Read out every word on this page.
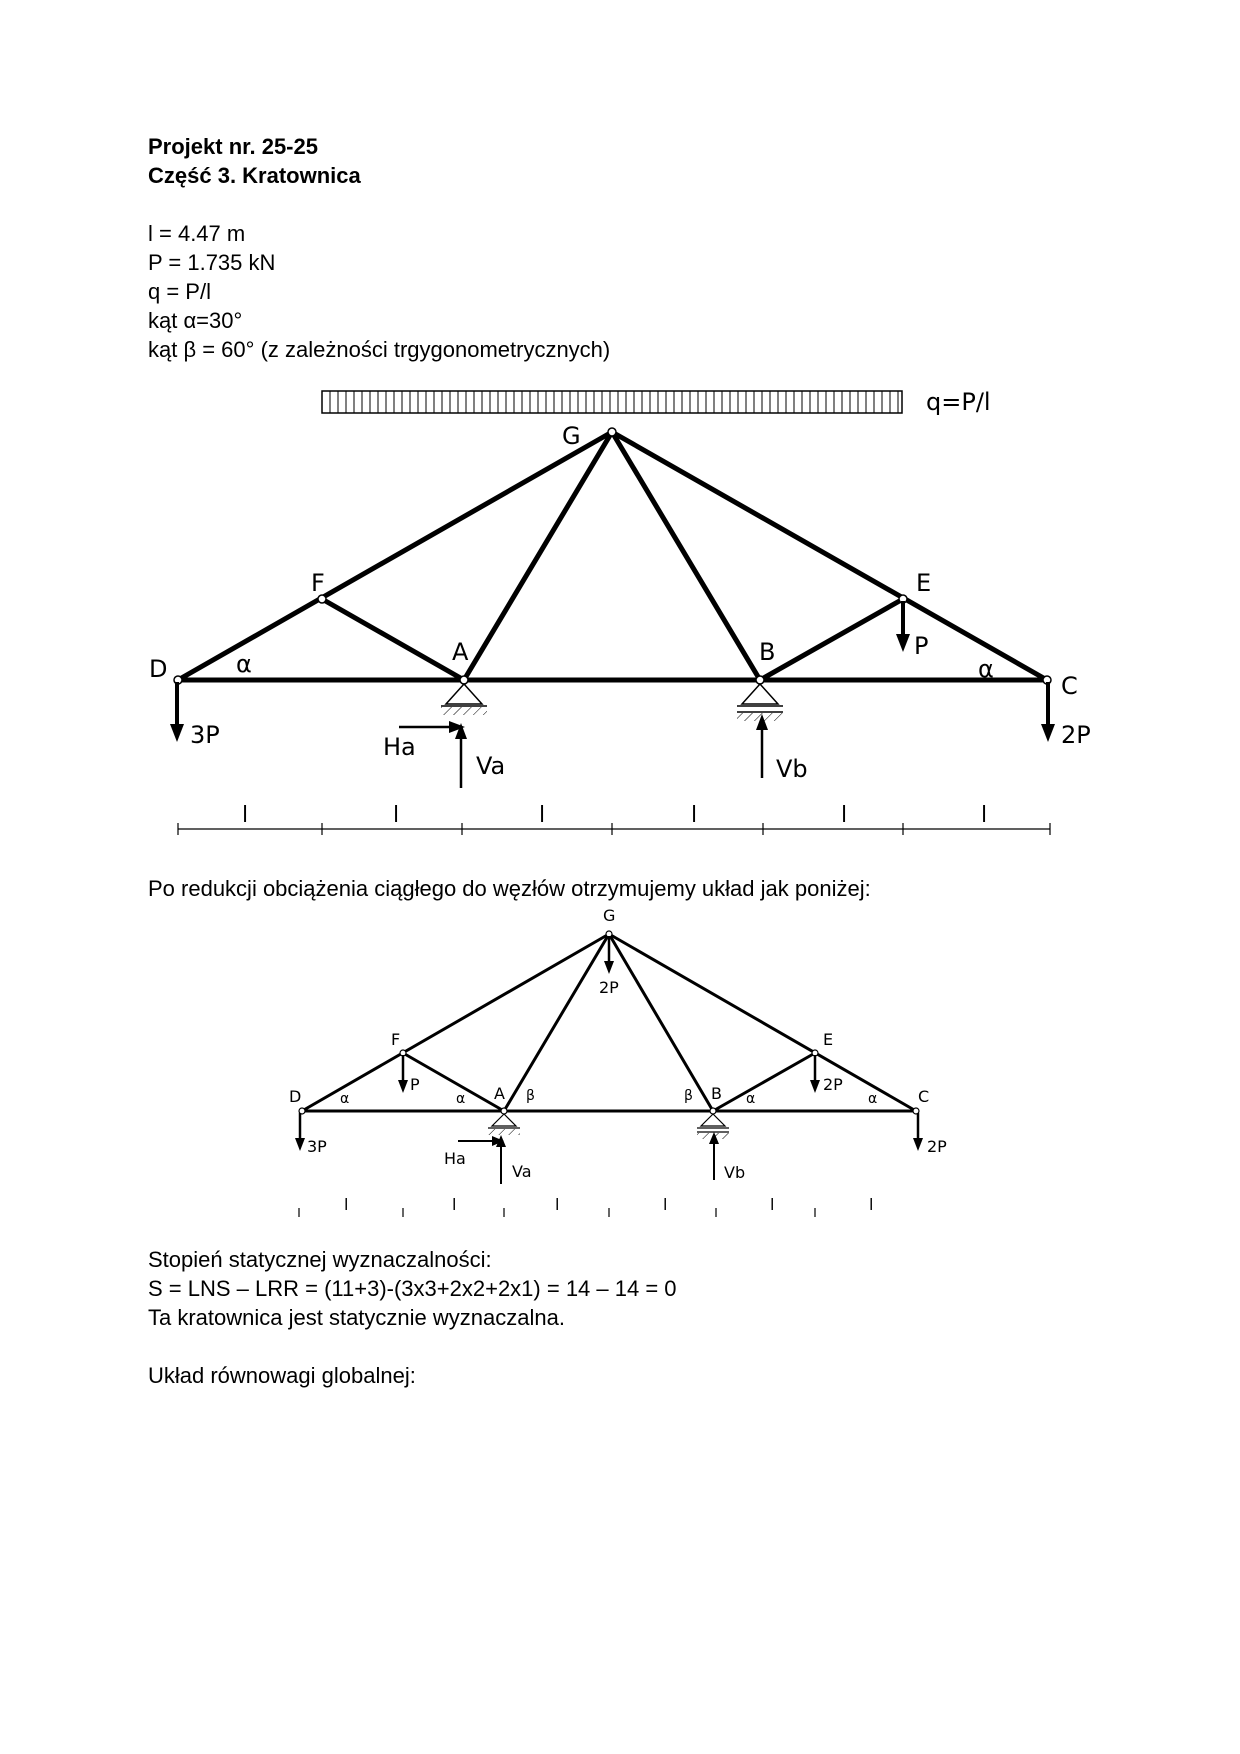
Projekt nr. 25-25
Część 3. Kratownica
l = 4.47 m
P = 1.735 kN
q = P/l
kąt α=30°
kąt β = 60° (z zależności trgygonometrycznych)
q=P/l
G
F	E
D
A	B
C
α	α
3P	2P
P
Ha
Va	Vb
l	l	l	l	l	l
Po redukcji obciążenia ciągłego do węzłów otrzymujemy układ jak poniżej:
G
F	E
D	A	B	C
α	α	β	β	α	α
2P
P	2P
3P	2P
Ha
Va	Vb
l	l	l	l	l	l
Stopień statycznej wyznaczalności:
S = LNS – LRR = (11+3)-(3x3+2x2+2x1) = 14 – 14 = 0
Ta kratownica jest statycznie wyznaczalna.
Układ równowagi globalnej:
